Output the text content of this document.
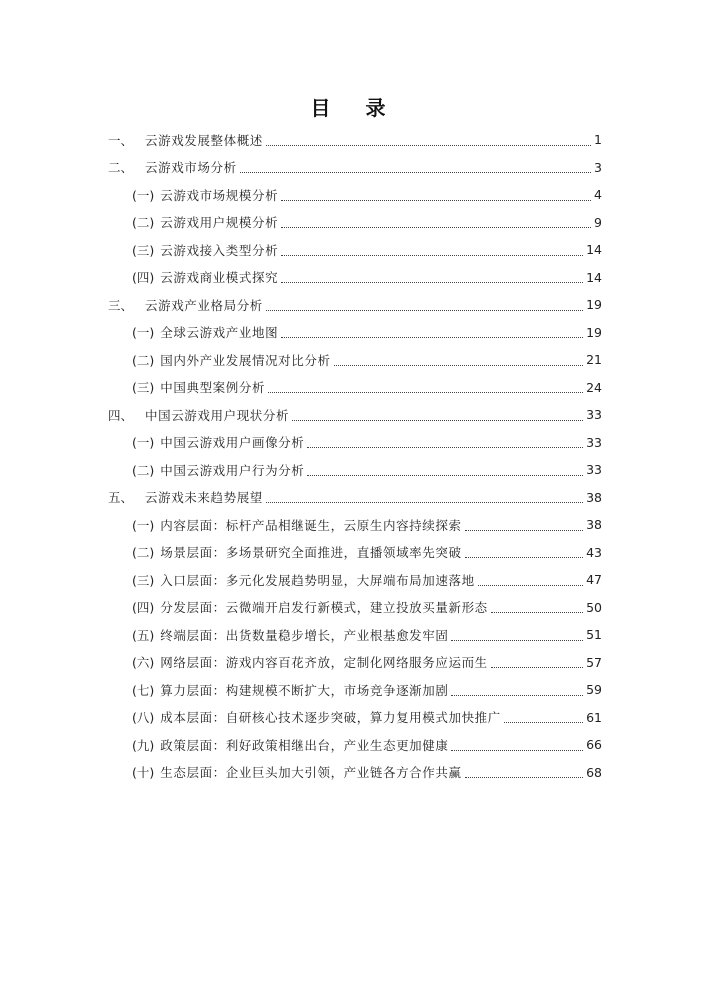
目 录
一、 云游戏发展整体概述	1
二、 云游戏市场分析	3
(一) 云游戏市场规模分析	4
(二) 云游戏用户规模分析	9
(三) 云游戏接入类型分析	14
(四) 云游戏商业模式探究	14
三、 云游戏产业格局分析	19
(一) 全球云游戏产业地图	19
(二) 国内外产业发展情况对比分析	21
(三) 中国典型案例分析	24
四、 中国云游戏用户现状分析	33
(一) 中国云游戏用户画像分析	33
(二) 中国云游戏用户行为分析	33
五、 云游戏未来趋势展望	38
(一) 内容层面：标杆产品相继诞生，云原生内容持续探索	38
(二) 场景层面：多场景研究全面推进，直播领域率先突破	43
(三) 入口层面：多元化发展趋势明显，大屏端布局加速落地	47
(四) 分发层面：云微端开启发行新模式，建立投放买量新形态	50
(五) 终端层面：出货数量稳步增长，产业根基愈发牢固	51
(六) 网络层面：游戏内容百花齐放，定制化网络服务应运而生	57
(七) 算力层面：构建规模不断扩大，市场竞争逐渐加剧	59
(八) 成本层面：自研核心技术逐步突破，算力复用模式加快推广	61
(九) 政策层面：利好政策相继出台，产业生态更加健康	66
(十) 生态层面：企业巨头加大引领，产业链各方合作共赢	68
